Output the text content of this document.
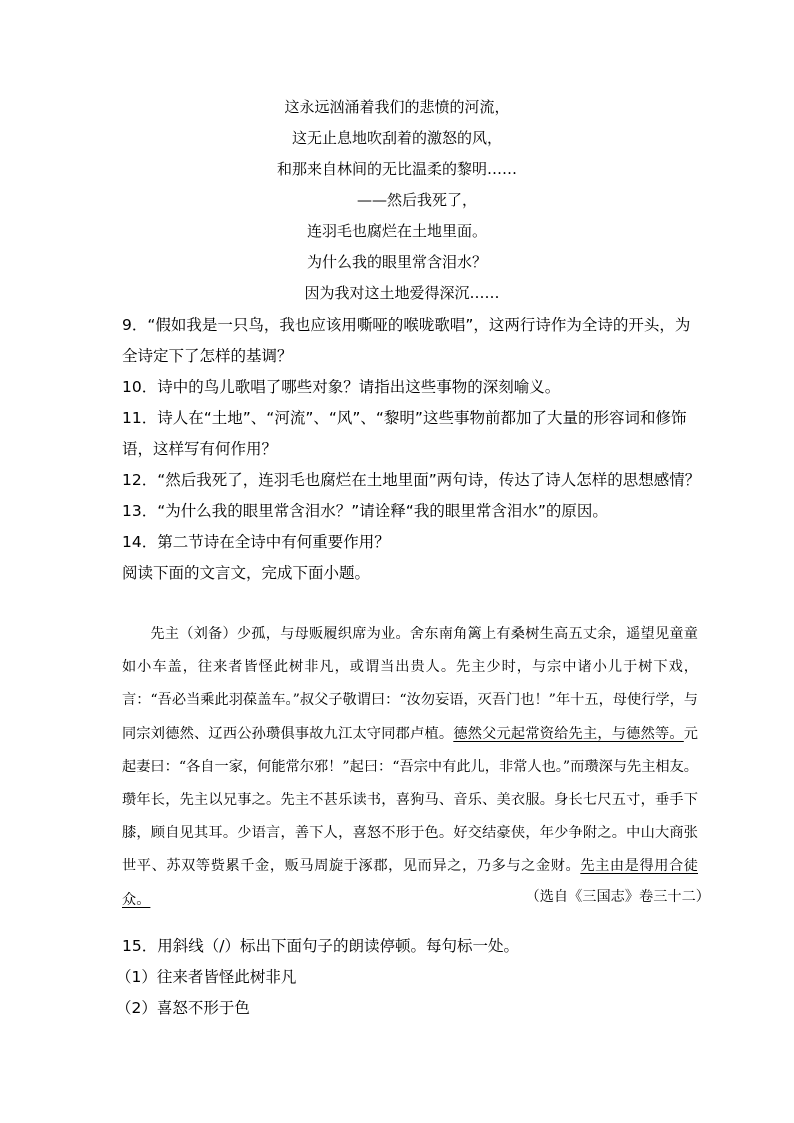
这永远汹涌着我们的悲愤的河流，
这无止息地吹刮着的激怒的风，
和那来自林间的无比温柔的黎明……
——然后我死了，
连羽毛也腐烂在土地里面。
为什么我的眼里常含泪水？
因为我对这土地爱得深沉……
9．“假如我是一只鸟，我也应该用嘶哑的喉咙歌唱”，这两行诗作为全诗的开头，为全诗定下了怎样的基调？
10．诗中的鸟儿歌唱了哪些对象？请指出这些事物的深刻喻义。
11．诗人在“土地”、“河流”、“风”、“黎明”这些事物前都加了大量的形容词和修饰语，这样写有何作用？
12．“然后我死了，连羽毛也腐烂在土地里面”两句诗，传达了诗人怎样的思想感情？
13．“为什么我的眼里常含泪水？”请诠释“我的眼里常含泪水”的原因。
14．第二节诗在全诗中有何重要作用？
阅读下面的文言文，完成下面小题。
先主（刘备）少孤，与母贩履织席为业。舍东南角篱上有桑树生高五丈余，遥望见童童如小车盖，往来者皆怪此树非凡，或谓当出贵人。先主少时，与宗中诸小儿于树下戏，言：“吾必当乘此羽葆盖车。”叔父子敬谓曰：“汝勿妄语，灭吾门也！”年十五，母使行学，与同宗刘德然、辽西公孙瓒俱事故九江太守同郡卢植。德然父元起常资给先主，与德然等。元起妻曰：“各自一家，何能常尔邪！”起曰：“吾宗中有此儿，非常人也。”而瓒深与先主相友。瓒年长，先主以兄事之。先主不甚乐读书，喜狗马、音乐、美衣服。身长七尺五寸，垂手下膝，顾自见其耳。少语言，善下人，喜怒不形于色。好交结豪侠，年少争附之。中山大商张世平、苏双等赀累千金，贩马周旋于涿郡，见而异之，乃多与之金财。先主由是得用合徒众。	（选自《三国志》卷三十二）
15．用斜线（/）标出下面句子的朗读停顿。每句标一处。
（1）往来者皆怪此树非凡
（2）喜怒不形于色
